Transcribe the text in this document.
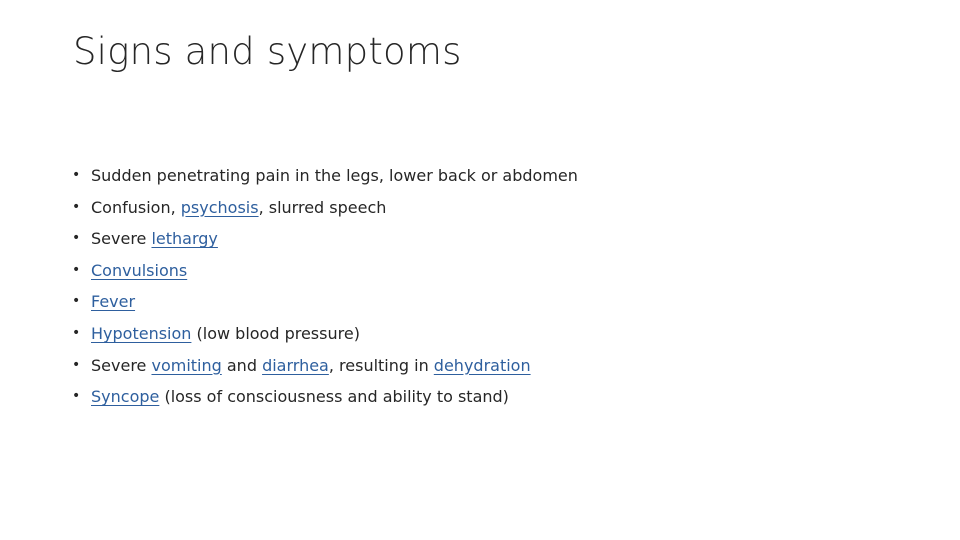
Signs and symptoms
• Sudden penetrating pain in the legs, lower back or abdomen
• Confusion, psychosis, slurred speech
• Severe lethargy
• Convulsions
• Fever
• Hypotension (low blood pressure)
• Severe vomiting and diarrhea, resulting in dehydration
• Syncope (loss of consciousness and ability to stand)
